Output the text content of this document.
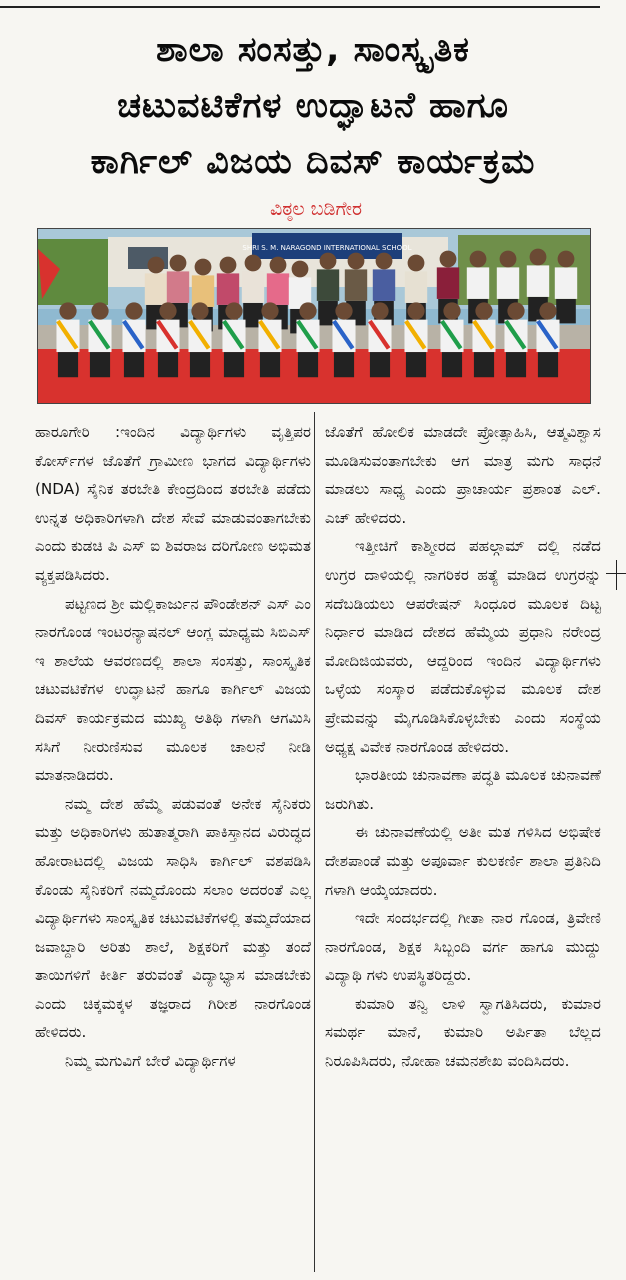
ಶಾಲಾ ಸಂಸತ್ತು, ಸಾಂಸ್ಕೃತಿಕ
ಚಟುವಟಿಕೆಗಳ ಉದ್ಘಾಟನೆ ಹಾಗೂ
ಕಾರ್ಗಿಲ್ ವಿಜಯ ದಿವಸ್ ಕಾರ್ಯಕ್ರಮ
ವಿಠ್ಠಲ ಬಡಿಗೇರ
SHRI S. M. NARAGOND INTERNATIONAL SCHOOL

ಹಾರೂಗೇರಿ :ಇಂದಿನ ವಿದ್ಯಾರ್ಥಿಗಳು ವೃತ್ತಿಪರ ಕೋರ್ಸ್‌ಗಳ ಜೊತೆಗೆ ಗ್ರಾಮೀಣ ಭಾಗದ ವಿದ್ಯಾರ್ಥಿಗಳು (NDA) ಸೈನಿಕ ತರಬೇತಿ ಕೇಂದ್ರದಿಂದ ತರಬೇತಿ ಪಡೆದು ಉನ್ನತ ಅಧಿಕಾರಿಗಳಾಗಿ ದೇಶ ಸೇವೆ ಮಾಡುವಂತಾಗಬೇಕು ಎಂದು ಕುಡಚಿ ಪಿ ಎಸ್ ಐ ಶಿವರಾಜ ದರಿಗೋಣ ಅಭಿಮತ ವ್ಯಕ್ತಪಡಿಸಿದರು.

ಪಟ್ಟಣದ ಶ್ರೀ ಮಲ್ಲಿಕಾರ್ಜುನ ಪೌಂಡೇಶನ್ ಎಸ್ ಎಂ ನಾರಗೊಂಡ ಇಂಟರನ್ಯಾಷನಲ್ ಆಂಗ್ಲ ಮಾಧ್ಯಮ ಸಿಬಿಎಸ್ ಇ ಶಾಲೆಯ ಆವರಣದಲ್ಲಿ ಶಾಲಾ ಸಂಸತ್ತು, ಸಾಂಸ್ಕೃತಿಕ ಚಟುವಟಿಕೆಗಳ ಉದ್ಘಾಟನೆ ಹಾಗೂ ಕಾರ್ಗಿಲ್ ವಿಜಯ ದಿವಸ್ ಕಾರ್ಯಕ್ರಮದ ಮುಖ್ಯ ಅತಿಥಿ ಗಳಾಗಿ ಆಗಮಿಸಿ ಸಸಿಗೆ ನೀರುಣಿಸುವ ಮೂಲಕ ಚಾಲನೆ ನೀಡಿ ಮಾತನಾಡಿದರು.

ನಮ್ಮ ದೇಶ ಹೆಮ್ಮೆ ಪಡುವಂತೆ ಅನೇಕ ಸೈನಿಕರು ಮತ್ತು ಅಧಿಕಾರಿಗಳು ಹುತಾತ್ಮರಾಗಿ ಪಾಕಿಸ್ತಾನದ ವಿರುದ್ಧದ ಹೋರಾಟದಲ್ಲಿ ವಿಜಯ ಸಾಧಿಸಿ ಕಾರ್ಗಿಲ್ ವಶಪಡಿಸಿ ಕೊಂಡು ಸೈನಿಕರಿಗೆ ನಮ್ಮದೊಂದು ಸಲಾಂ ಅದರಂತೆ ಎಲ್ಲ ವಿದ್ಯಾರ್ಥಿಗಳು ಸಾಂಸ್ಕೃತಿಕ ಚಟುವಟಿಕೆಗಳಲ್ಲಿ ತಮ್ಮದೆಯಾದ ಜವಾಬ್ದಾರಿ ಅರಿತು ಶಾಲೆ, ಶಿಕ್ಷಕರಿಗೆ ಮತ್ತು ತಂದೆ ತಾಯಿಗಳಿಗೆ ಕೀರ್ತಿ ತರುವಂತೆ ವಿದ್ಯಾಭ್ಯಾಸ ಮಾಡಬೇಕು ಎಂದು ಚಿಕ್ಕಮಕ್ಕಳ ತಜ್ಞರಾದ ಗಿರೀಶ ನಾರಗೊಂಡ ಹೇಳಿದರು.

ನಿಮ್ಮ ಮಗುವಿಗೆ ಬೇರೆ ವಿದ್ಯಾರ್ಥಿಗಳ

ಜೊತೆಗೆ ಹೋಲಿಕ ಮಾಡದೇ ಪ್ರೋತ್ಸಾಹಿಸಿ, ಆತ್ಮವಿಶ್ವಾಸ ಮೂಡಿಸುವಂತಾಗಬೇಕು ಆಗ ಮಾತ್ರ ಮಗು ಸಾಧನೆ ಮಾಡಲು ಸಾಧ್ಯ ಎಂದು ಪ್ರಾಚಾರ್ಯ ಪ್ರಶಾಂತ ಎಲ್. ಎಚ್ ಹೇಳಿದರು.

ಇತ್ತೀಚಿಗೆ ಕಾಶ್ಮೀರದ ಪಹಲ್ಗಾಮ್ ದಲ್ಲಿ ನಡೆದ ಉಗ್ರರ ದಾಳಿಯಲ್ಲಿ ನಾಗರಿಕರ ಹತ್ಯೆ ಮಾಡಿದ ಉಗ್ರರನ್ನು ಸದೆಬಡಿಯಲು ಆಪರೇಷನ್ ಸಿಂಧೂರ ಮೂಲಕ ದಿಟ್ಟ ನಿರ್ಧಾರ ಮಾಡಿದ ದೇಶದ ಹೆಮ್ಮೆಯ ಪ್ರಧಾನಿ ನರೇಂದ್ರ ಮೋದಿಜಿಯವರು, ಆದ್ದರಿಂದ ಇಂದಿನ ವಿದ್ಯಾರ್ಥಿಗಳು ಒಳ್ಳೆಯ ಸಂಸ್ಕಾರ ಪಡೆದುಕೊಳ್ಳುವ ಮೂಲಕ ದೇಶ ಪ್ರೇಮವನ್ನು ಮೈಗೂಡಿಸಿಕೊಳ್ಳಬೇಕು ಎಂದು ಸಂಸ್ಥೆಯ ಅಧ್ಯಕ್ಷ ವಿವೇಕ ನಾರಗೊಂಡ ಹೇಳಿದರು.

ಭಾರತೀಯ ಚುನಾವಣಾ ಪದ್ಧತಿ ಮೂಲಕ ಚುನಾವಣೆ ಜರುಗಿತು.

ಈ ಚುನಾವಣೆಯಲ್ಲಿ ಅತೀ ಮತ ಗಳಿಸಿದ ಅಭಿಷೇಕ ದೇಶಪಾಂಡೆ ಮತ್ತು ಅಪೂರ್ವಾ ಕುಲಕರ್ಣಿ ಶಾಲಾ ಪ್ರತಿನಿದಿ ಗಳಾಗಿ ಆಯ್ಕೆಯಾದರು.

ಇದೇ ಸಂದರ್ಭದಲ್ಲಿ ಗೀತಾ ನಾರ ಗೊಂಡ, ತ್ರಿವೇಣಿ ನಾರಗೊಂಡ, ಶಿಕ್ಷಕ ಸಿಬ್ಬಂದಿ ವರ್ಗ ಹಾಗೂ ಮುದ್ದು ವಿದ್ಯಾಥಿ ಗಳು ಉಪಸ್ಥಿತರಿದ್ದರು.

ಕುಮಾರಿ ತನ್ವಿ ಲಾಳಿ ಸ್ವಾಗತಿಸಿದರು, ಕುಮಾರ ಸಮರ್ಥ ಮಾನೆ, ಕುಮಾರಿ ಅರ್ಪಿತಾ ಬೆಲ್ಲದ ನಿರೂಪಿಸಿದರು, ನೋಹಾ ಚಮನಶೇಖ ವಂದಿಸಿದರು.
